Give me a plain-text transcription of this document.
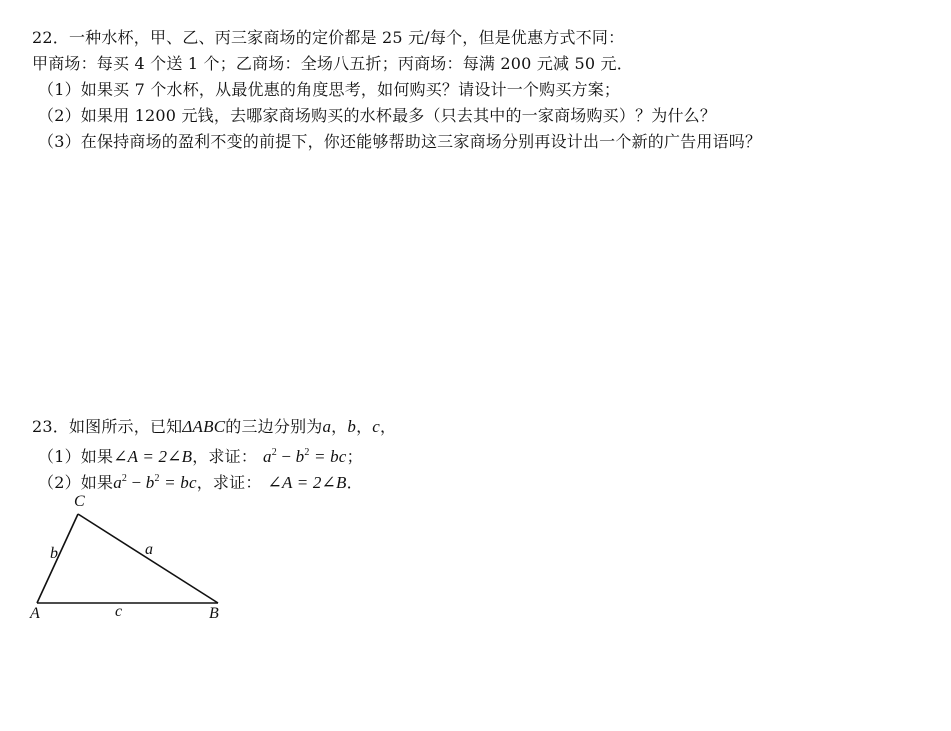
22．一种水杯，甲、乙、丙三家商场的定价都是 25 元/每个，但是优惠方式不同：
甲商场：每买 4 个送 1 个；乙商场：全场八五折；丙商场：每满 200 元减 50 元．
（1）如果买 7 个水杯，从最优惠的角度思考，如何购买？请设计一个购买方案；
（2）如果用 1200 元钱，去哪家商场购买的水杯最多（只去其中的一家商场购买）？为什么？
（3）在保持商场的盈利不变的前提下，你还能够帮助这三家商场分别再设计出一个新的广告用语吗？
23．如图所示，已知ΔABC的三边分别为a，b，c，
（1）如果∠A = 2∠B，求证： $a^2 - b^2$ = bc；
（2）如果$a^2 - b^2$ = bc，求证： ∠A = 2∠B．
C
A	B
b	a
c
